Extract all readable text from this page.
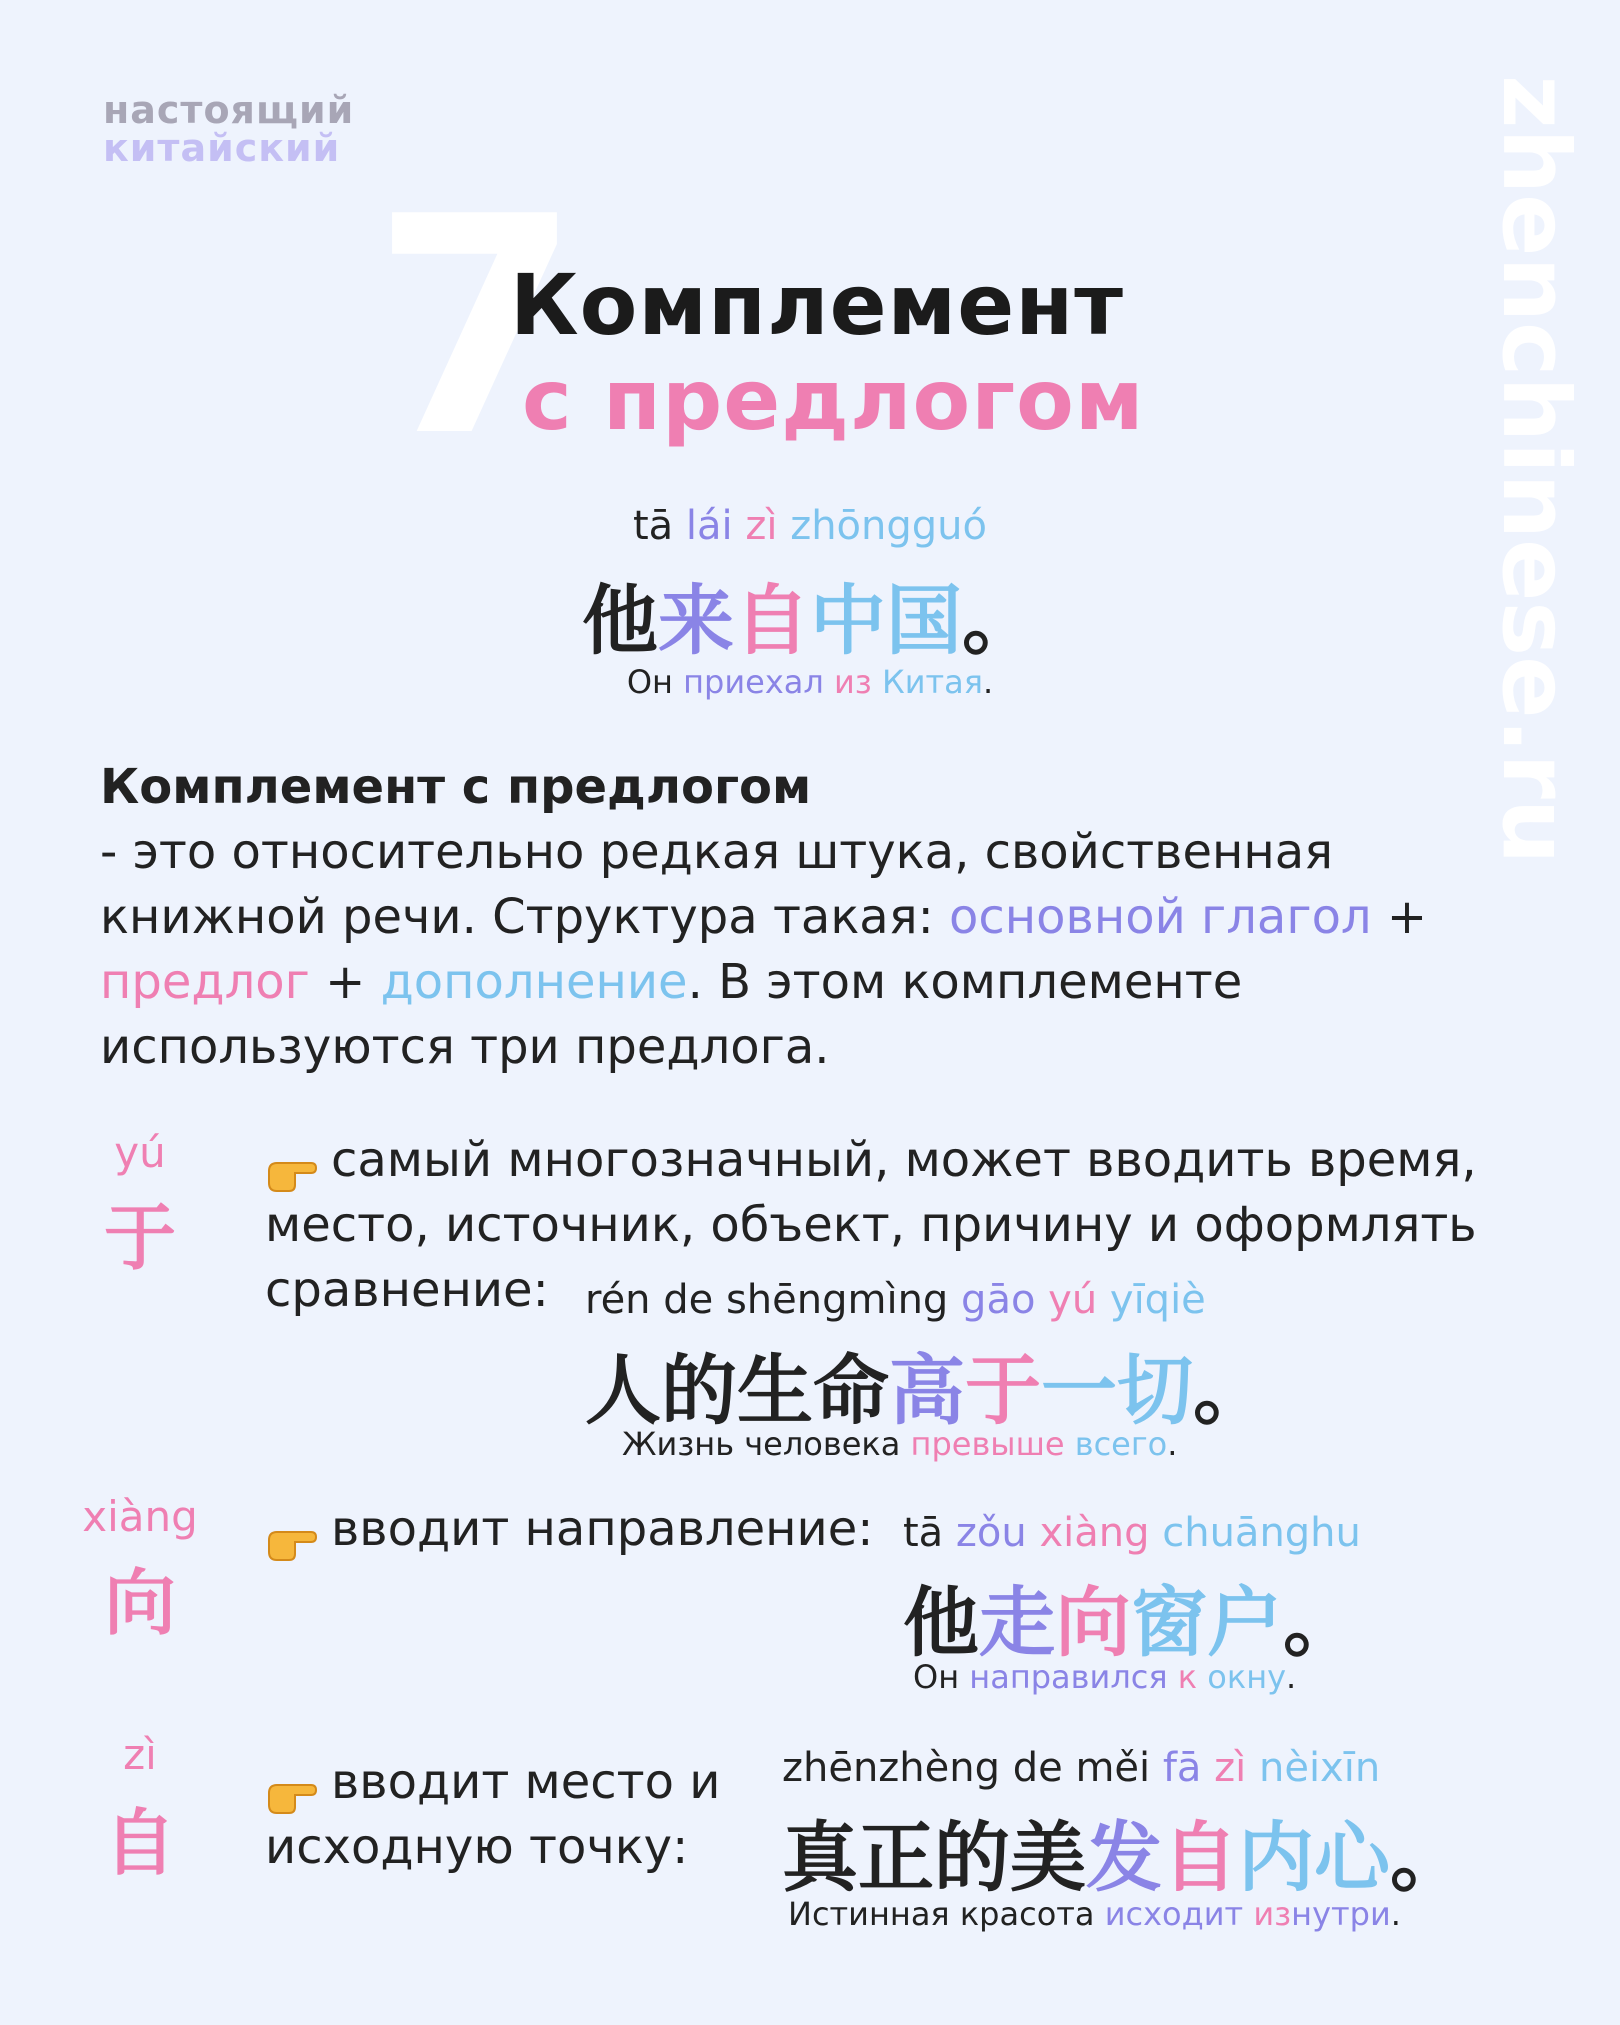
настоящий
китайский	zhenchinese.ru
7
Комплемент
с предлогом
tā lái zì zhōngguó
他来自中国。
Он приехал из Китая.
Комплемент с предлогом
- это относительно редкая штука, свойственная книжной речи. Структура такая: основной глагол + предлог + дополнение. В этом комплементе используются три предлога.
yú
于
самый многозначный, может вводить время,
место, источник, объект, причину и оформлять
сравнение: rén de shēngmìng gāo yú yīqiè
人的生命高于一切。
Жизнь человека превыше всего.
xiàng
向
вводит направление: tā zǒu xiàng chuānghu
他走向窗户。
Он направился к окну.
zì
自
вводит место и
исходную точку:
zhēnzhèng de měi fā zì nèixīn
真正的美发自内心。
Истинная красота исходит изнутри.
